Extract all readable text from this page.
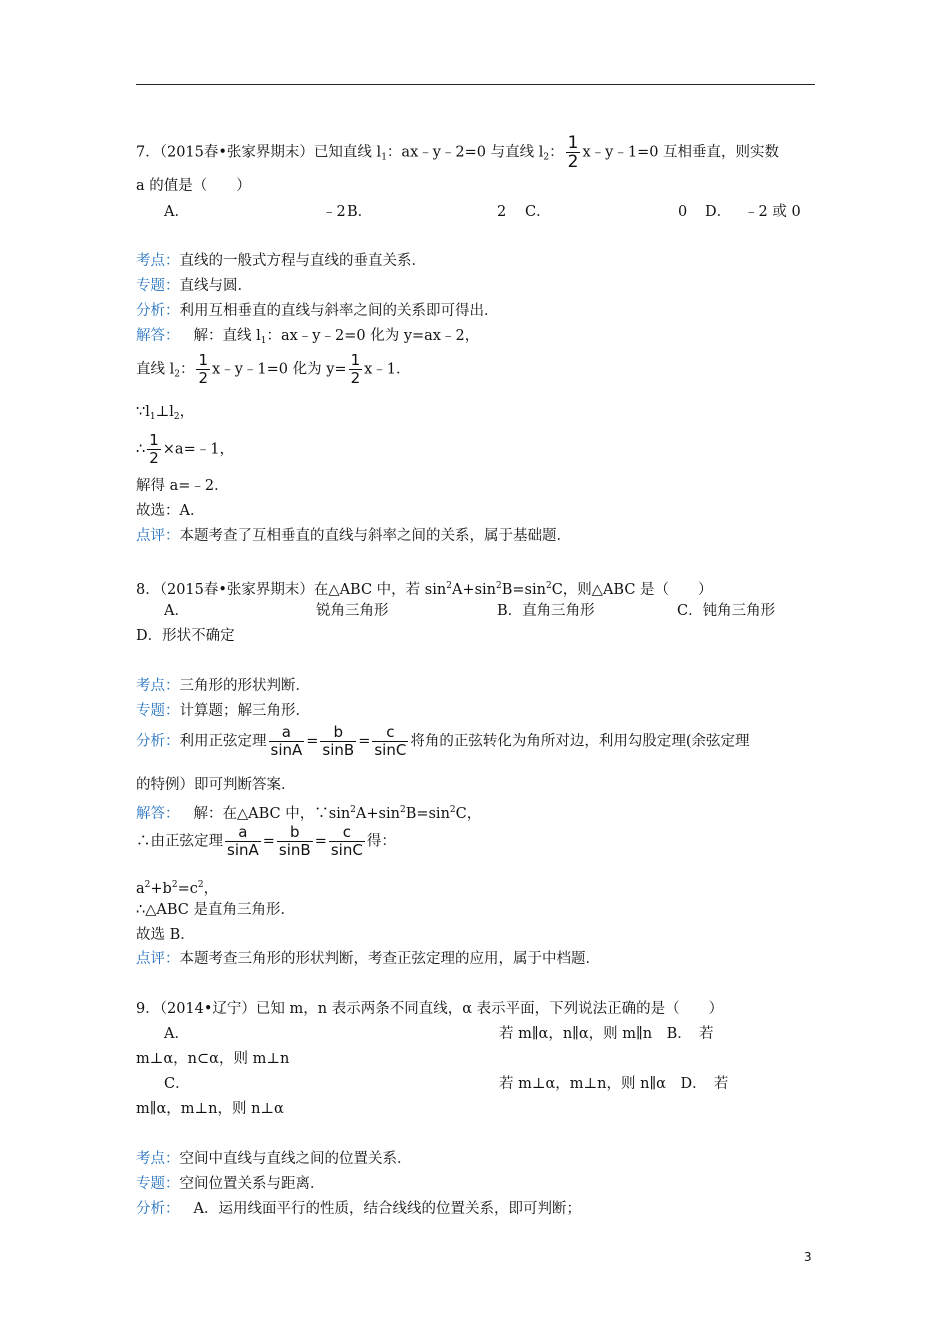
7．（2015春•张家界期末）已知直线 $l_1$：ax﹣y﹣2=0 与直线 $l_2$： $\frac{1}{2}$ x﹣y﹣1=0 互相垂直，则实数
a 的值是（　　）
A．	﹣2 B．	2 C．	0 D． ﹣2 或 0
考点：直线的一般式方程与直线的垂直关系．
专题：直线与圆．
分析：利用互相垂直的直线与斜率之间的关系即可得出．
解答： 解：直线 $l_1$：ax﹣y﹣2=0 化为 y=ax﹣2，
直线 $l_2$： $\frac{1}{2}$ x﹣y﹣1=0 化为 $y= \frac{1}{2}$ x﹣1．
$\because l_1\perp l_2$，
∴ $\frac{1}{2}$ ×a=﹣1，
解得 a=﹣2．
故选：A．
点评：本题考查了互相垂直的直线与斜率之间的关系，属于基础题．
8．（2015春•张家界期末）在△ABC 中，若 $\sin^2A+\sin^2B=\sin^2C$，则△ABC 是（　　）
A．	锐角三角形	B．直角三角形	C．钝角三角形
D．形状不确定
考点：三角形的形状判断．
专题：计算题；解三角形．
分析：利用正弦定理 $\frac{a}{\sin A} = \frac{b}{\sin B} = \frac{c}{\sin C}$ 将角的正弦转化为角所对边，利用勾股定理(余弦定理
的特例）即可判断答案．
解答： 解：在△ABC 中，$\because\sin^2A+\sin^2B=\sin^2C$，
∴由正弦定理 $\frac{a}{\sin A} = \frac{b}{\sin B} = \frac{c}{\sin C}$ 得：
$a^2+b^2=c^2$，
∴△ABC 是直角三角形．
故选 B．
点评：本题考查三角形的形状判断，考查正弦定理的应用，属于中档题．
9．（2014•辽宁）已知 m，n 表示两条不同直线，α 表示平面，下列说法正确的是（　　）
A．	若 m∥α，n∥α，则 m∥n　B．　若
m⊥α，n⊂α，则 m⊥n
C．	若 m⊥α，m⊥n，则 n∥α　D．　若
m∥α，m⊥n，则 n⊥α
考点：空间中直线与直线之间的位置关系．
专题：空间位置关系与距离．
分析： A．运用线面平行的性质，结合线线的位置关系，即可判断；
3
